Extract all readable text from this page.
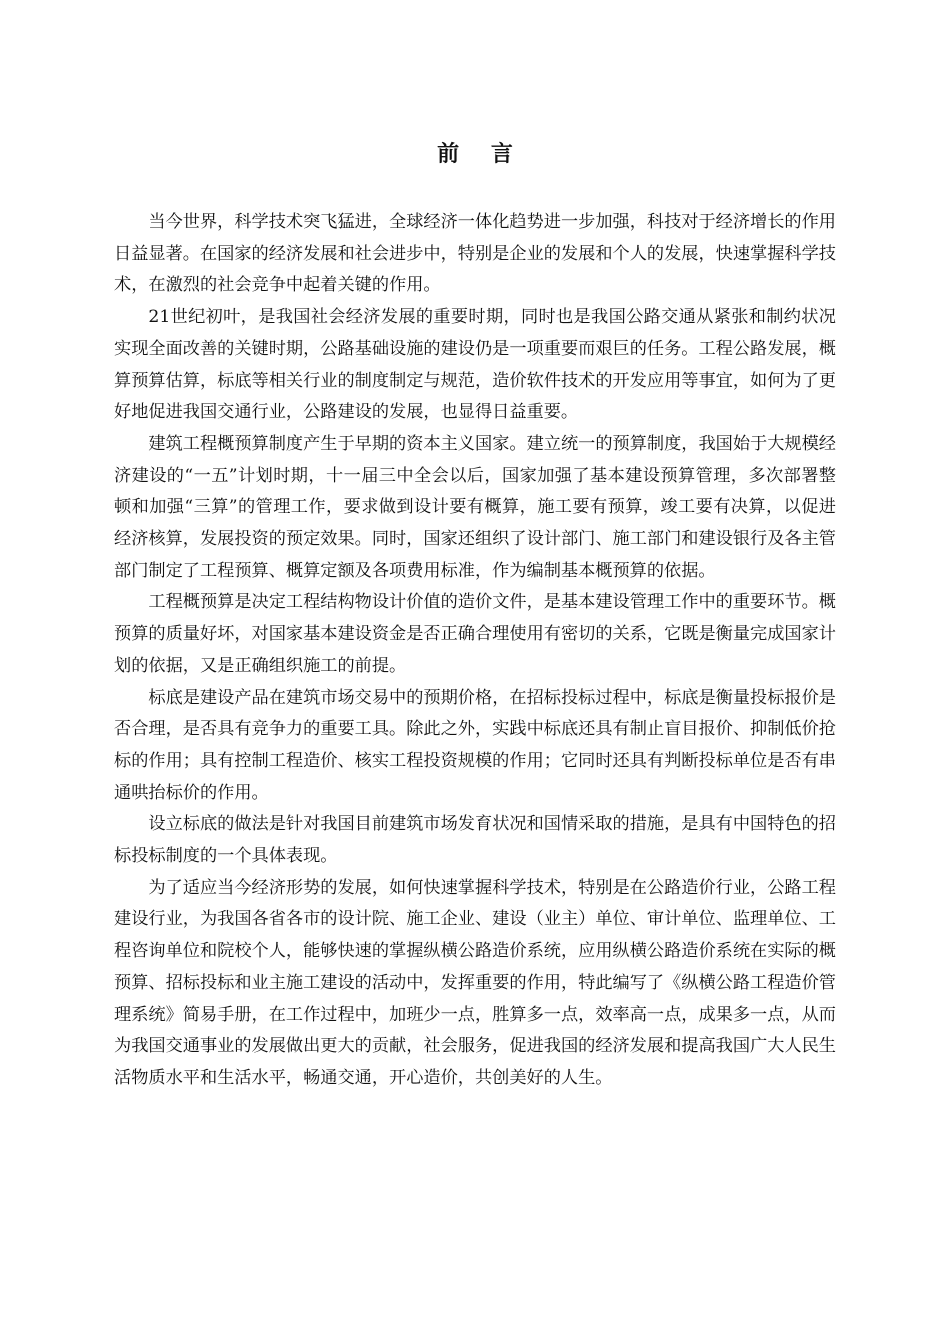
前 言

当今世界，科学技术突飞猛进，全球经济一体化趋势进一步加强，科技对于经济增长的作用日益显著。在国家的经济发展和社会进步中，特别是企业的发展和个人的发展，快速掌握科学技术，在激烈的社会竞争中起着关键的作用。

21世纪初叶，是我国社会经济发展的重要时期，同时也是我国公路交通从紧张和制约状况实现全面改善的关键时期，公路基础设施的建设仍是一项重要而艰巨的任务。工程公路发展，概算预算估算，标底等相关行业的制度制定与规范，造价软件技术的开发应用等事宜，如何为了更好地促进我国交通行业，公路建设的发展，也显得日益重要。

建筑工程概预算制度产生于早期的资本主义国家。建立统一的预算制度，我国始于大规模经济建设的“一五”计划时期，十一届三中全会以后，国家加强了基本建设预算管理，多次部署整顿和加强“三算”的管理工作，要求做到设计要有概算，施工要有预算，竣工要有决算，以促进经济核算，发展投资的预定效果。同时，国家还组织了设计部门、施工部门和建设银行及各主管部门制定了工程预算、概算定额及各项费用标准，作为编制基本概预算的依据。

工程概预算是决定工程结构物设计价值的造价文件，是基本建设管理工作中的重要环节。概预算的质量好坏，对国家基本建设资金是否正确合理使用有密切的关系，它既是衡量完成国家计划的依据，又是正确组织施工的前提。

标底是建设产品在建筑市场交易中的预期价格，在招标投标过程中，标底是衡量投标报价是否合理，是否具有竞争力的重要工具。除此之外，实践中标底还具有制止盲目报价、抑制低价抢标的作用；具有控制工程造价、核实工程投资规模的作用；它同时还具有判断投标单位是否有串通哄抬标价的作用。

设立标底的做法是针对我国目前建筑市场发育状况和国情采取的措施，是具有中国特色的招标投标制度的一个具体表现。

为了适应当今经济形势的发展，如何快速掌握科学技术，特别是在公路造价行业，公路工程建设行业，为我国各省各市的设计院、施工企业、建设（业主）单位、审计单位、监理单位、工程咨询单位和院校个人，能够快速的掌握纵横公路造价系统，应用纵横公路造价系统在实际的概预算、招标投标和业主施工建设的活动中，发挥重要的作用，特此编写了《纵横公路工程造价管理系统》简易手册，在工作过程中，加班少一点，胜算多一点，效率高一点，成果多一点，从而为我国交通事业的发展做出更大的贡献，社会服务，促进我国的经济发展和提高我国广大人民生活物质水平和生活水平，畅通交通，开心造价，共创美好的人生。
